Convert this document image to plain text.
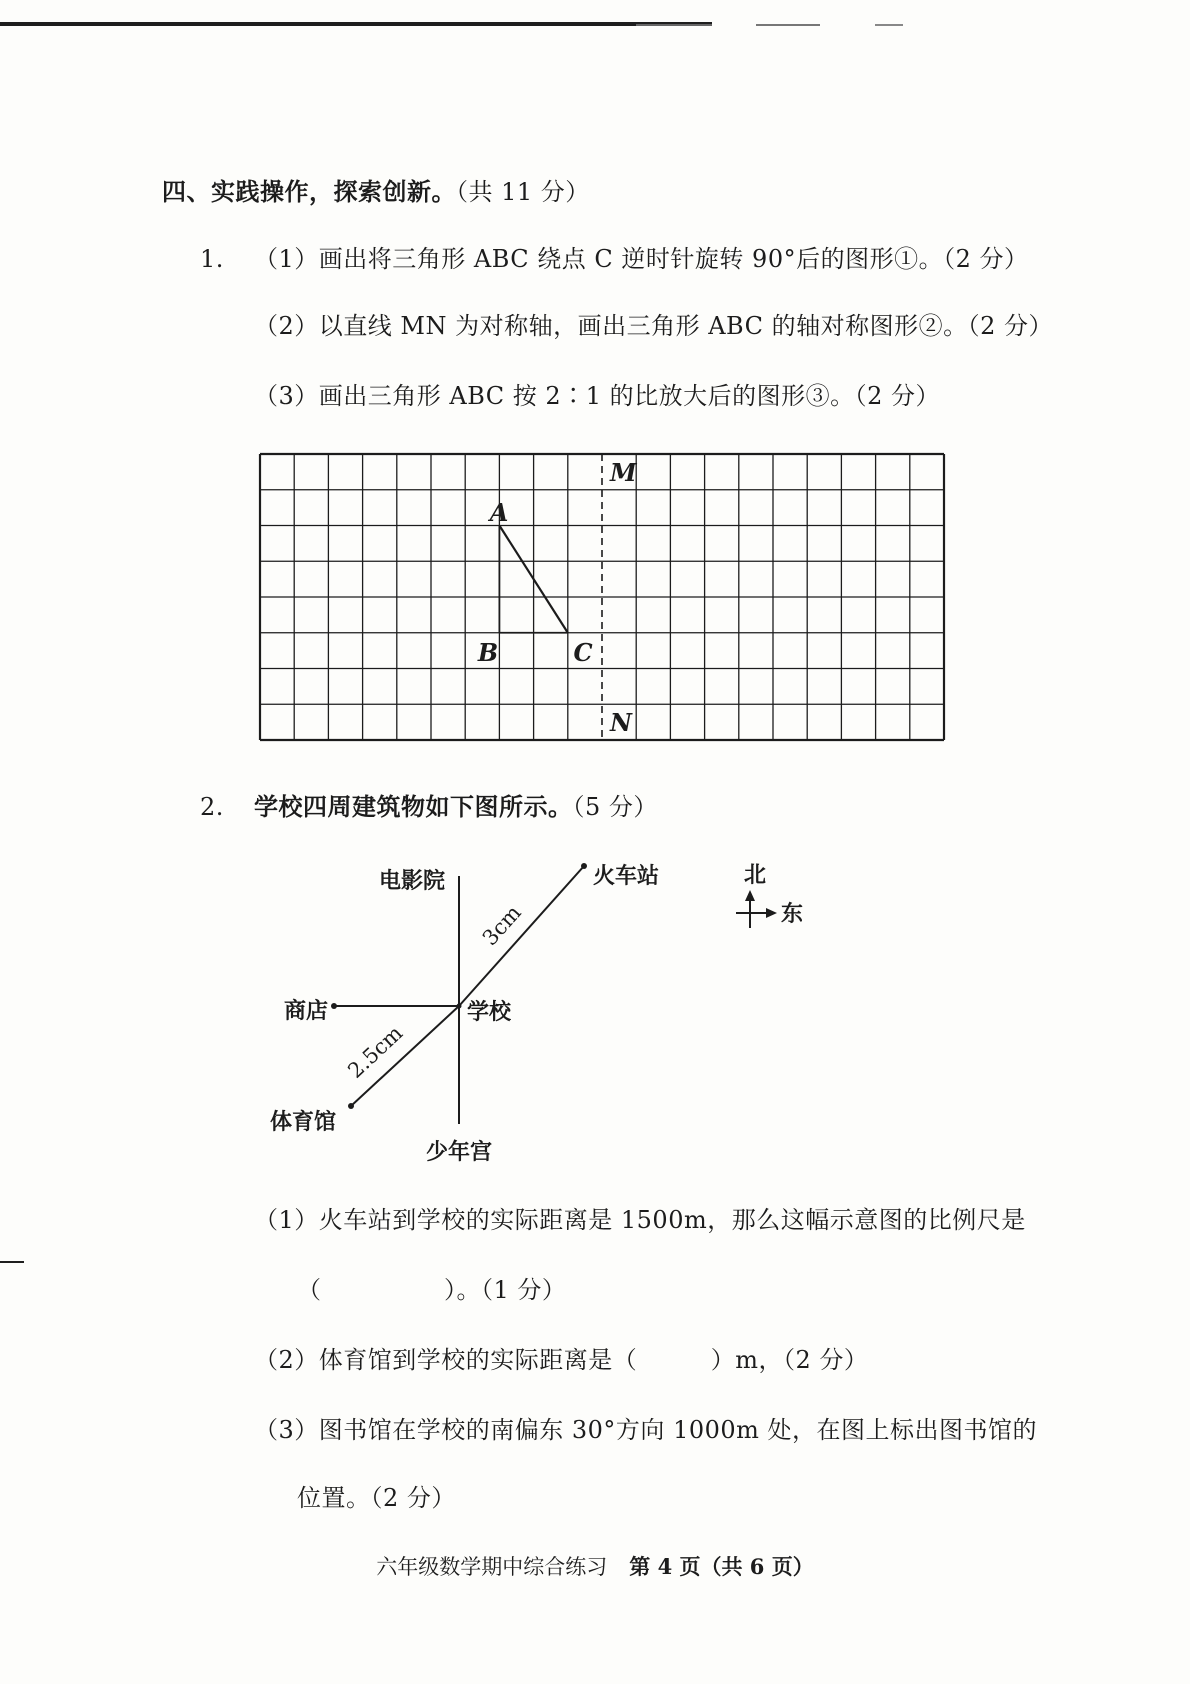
四、实践操作，探索创新。（共 11 分）
1. （1）画出将三角形 ABC 绕点 C 逆时针旋转 90°后的图形①。（2 分）
（2）以直线 MN 为对称轴，画出三角形 ABC 的轴对称图形②。（2 分）
（3）画出三角形 ABC 按 2∶1 的比放大后的图形③。（2 分）
M
N
A
B	C
2. 学校四周建筑物如下图所示。（5 分）
电影院	火车站
商店	学校
体育馆
少年宫
3cm
2.5cm
北
东
（1）火车站到学校的实际距离是 1500m，那么这幅示意图的比例尺是
（　　　　　）。（1 分）
（2）体育馆到学校的实际距离是（　　　）m，（2 分）
（3）图书馆在学校的南偏东 30°方向 1000m 处，在图上标出图书馆的
位置。（2 分）
六年级数学期中综合练习 第 4 页（共 6 页）
